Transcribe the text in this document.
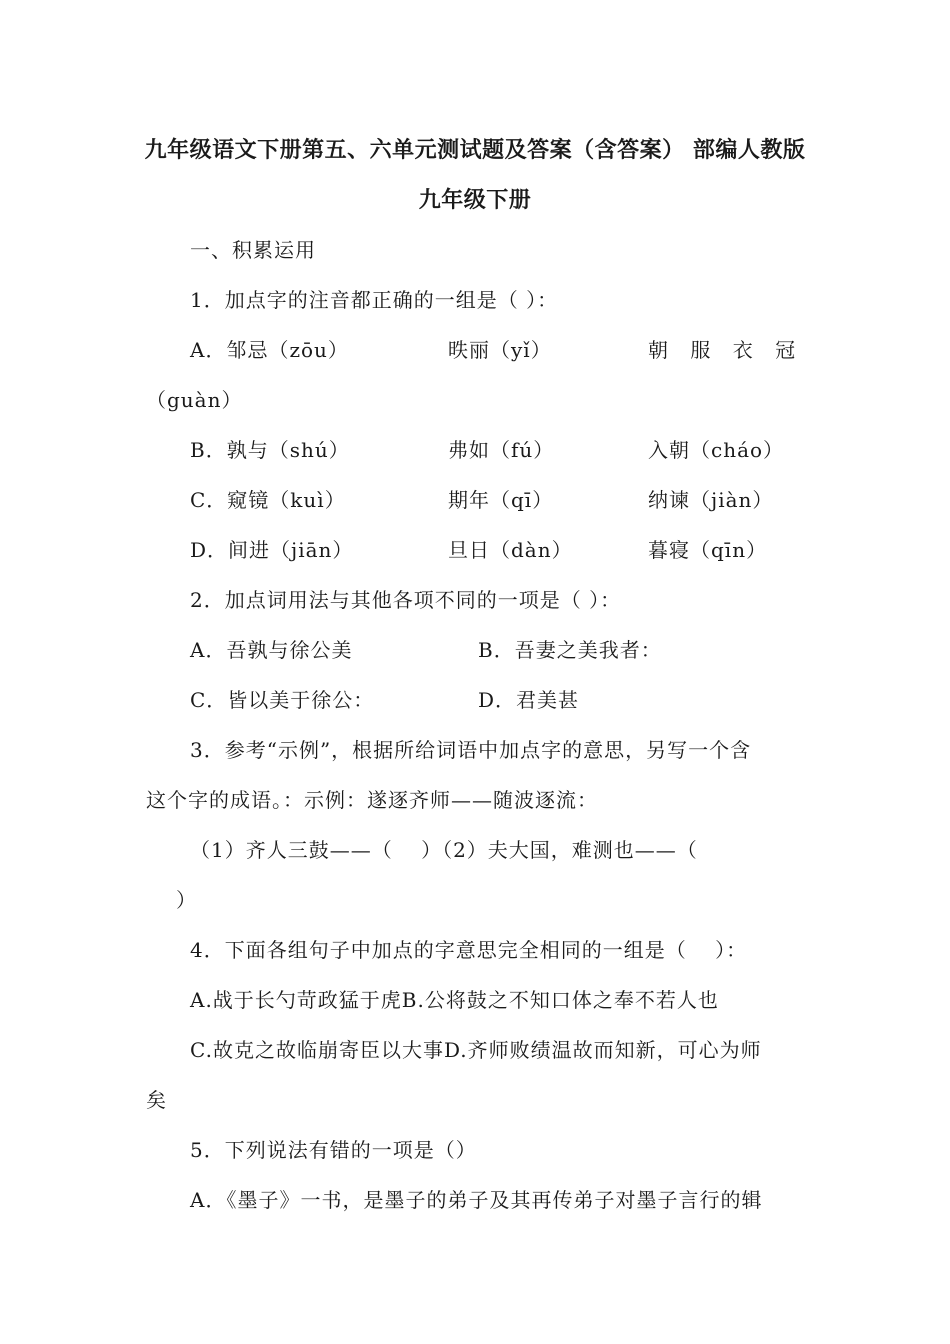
九年级语文下册第五、六单元测试题及答案（含答案） 部编人教版
九年级下册
一、积累运用
1．加点字的注音都正确的一组是（ ）：
A．邹忌（zōu）	昳丽（yǐ）	朝 服 衣 冠
（guàn）
B．孰与（shú）	弗如（fú）	入朝（cháo）
C．窥镜（kuì）	期年（qī）	纳谏（jiàn）
D．间进（jiān）	旦日（dàn）	暮寝（qīn）
2．加点词用法与其他各项不同的一项是（ ）：
A．吾孰与徐公美	B．吾妻之美我者：
C．皆以美于徐公：	D．君美甚
3．参考“示例”，根据所给词语中加点字的意思，另写一个含
这个字的成语。：示例：遂逐齐师——随波逐流：
（1）齐人三鼓——（　 ）（2）夫大国，难测也——（
）
4．下面各组句子中加点的字意思完全相同的一组是（　 ）：
A.战于长勺苛政猛于虎B.公将鼓之不知口体之奉不若人也
C.故克之故临崩寄臣以大事D.齐师败绩温故而知新，可心为师
矣
5．下列说法有错的一项是（）
A．《墨子》一书，是墨子的弟子及其再传弟子对墨子言行的辑
